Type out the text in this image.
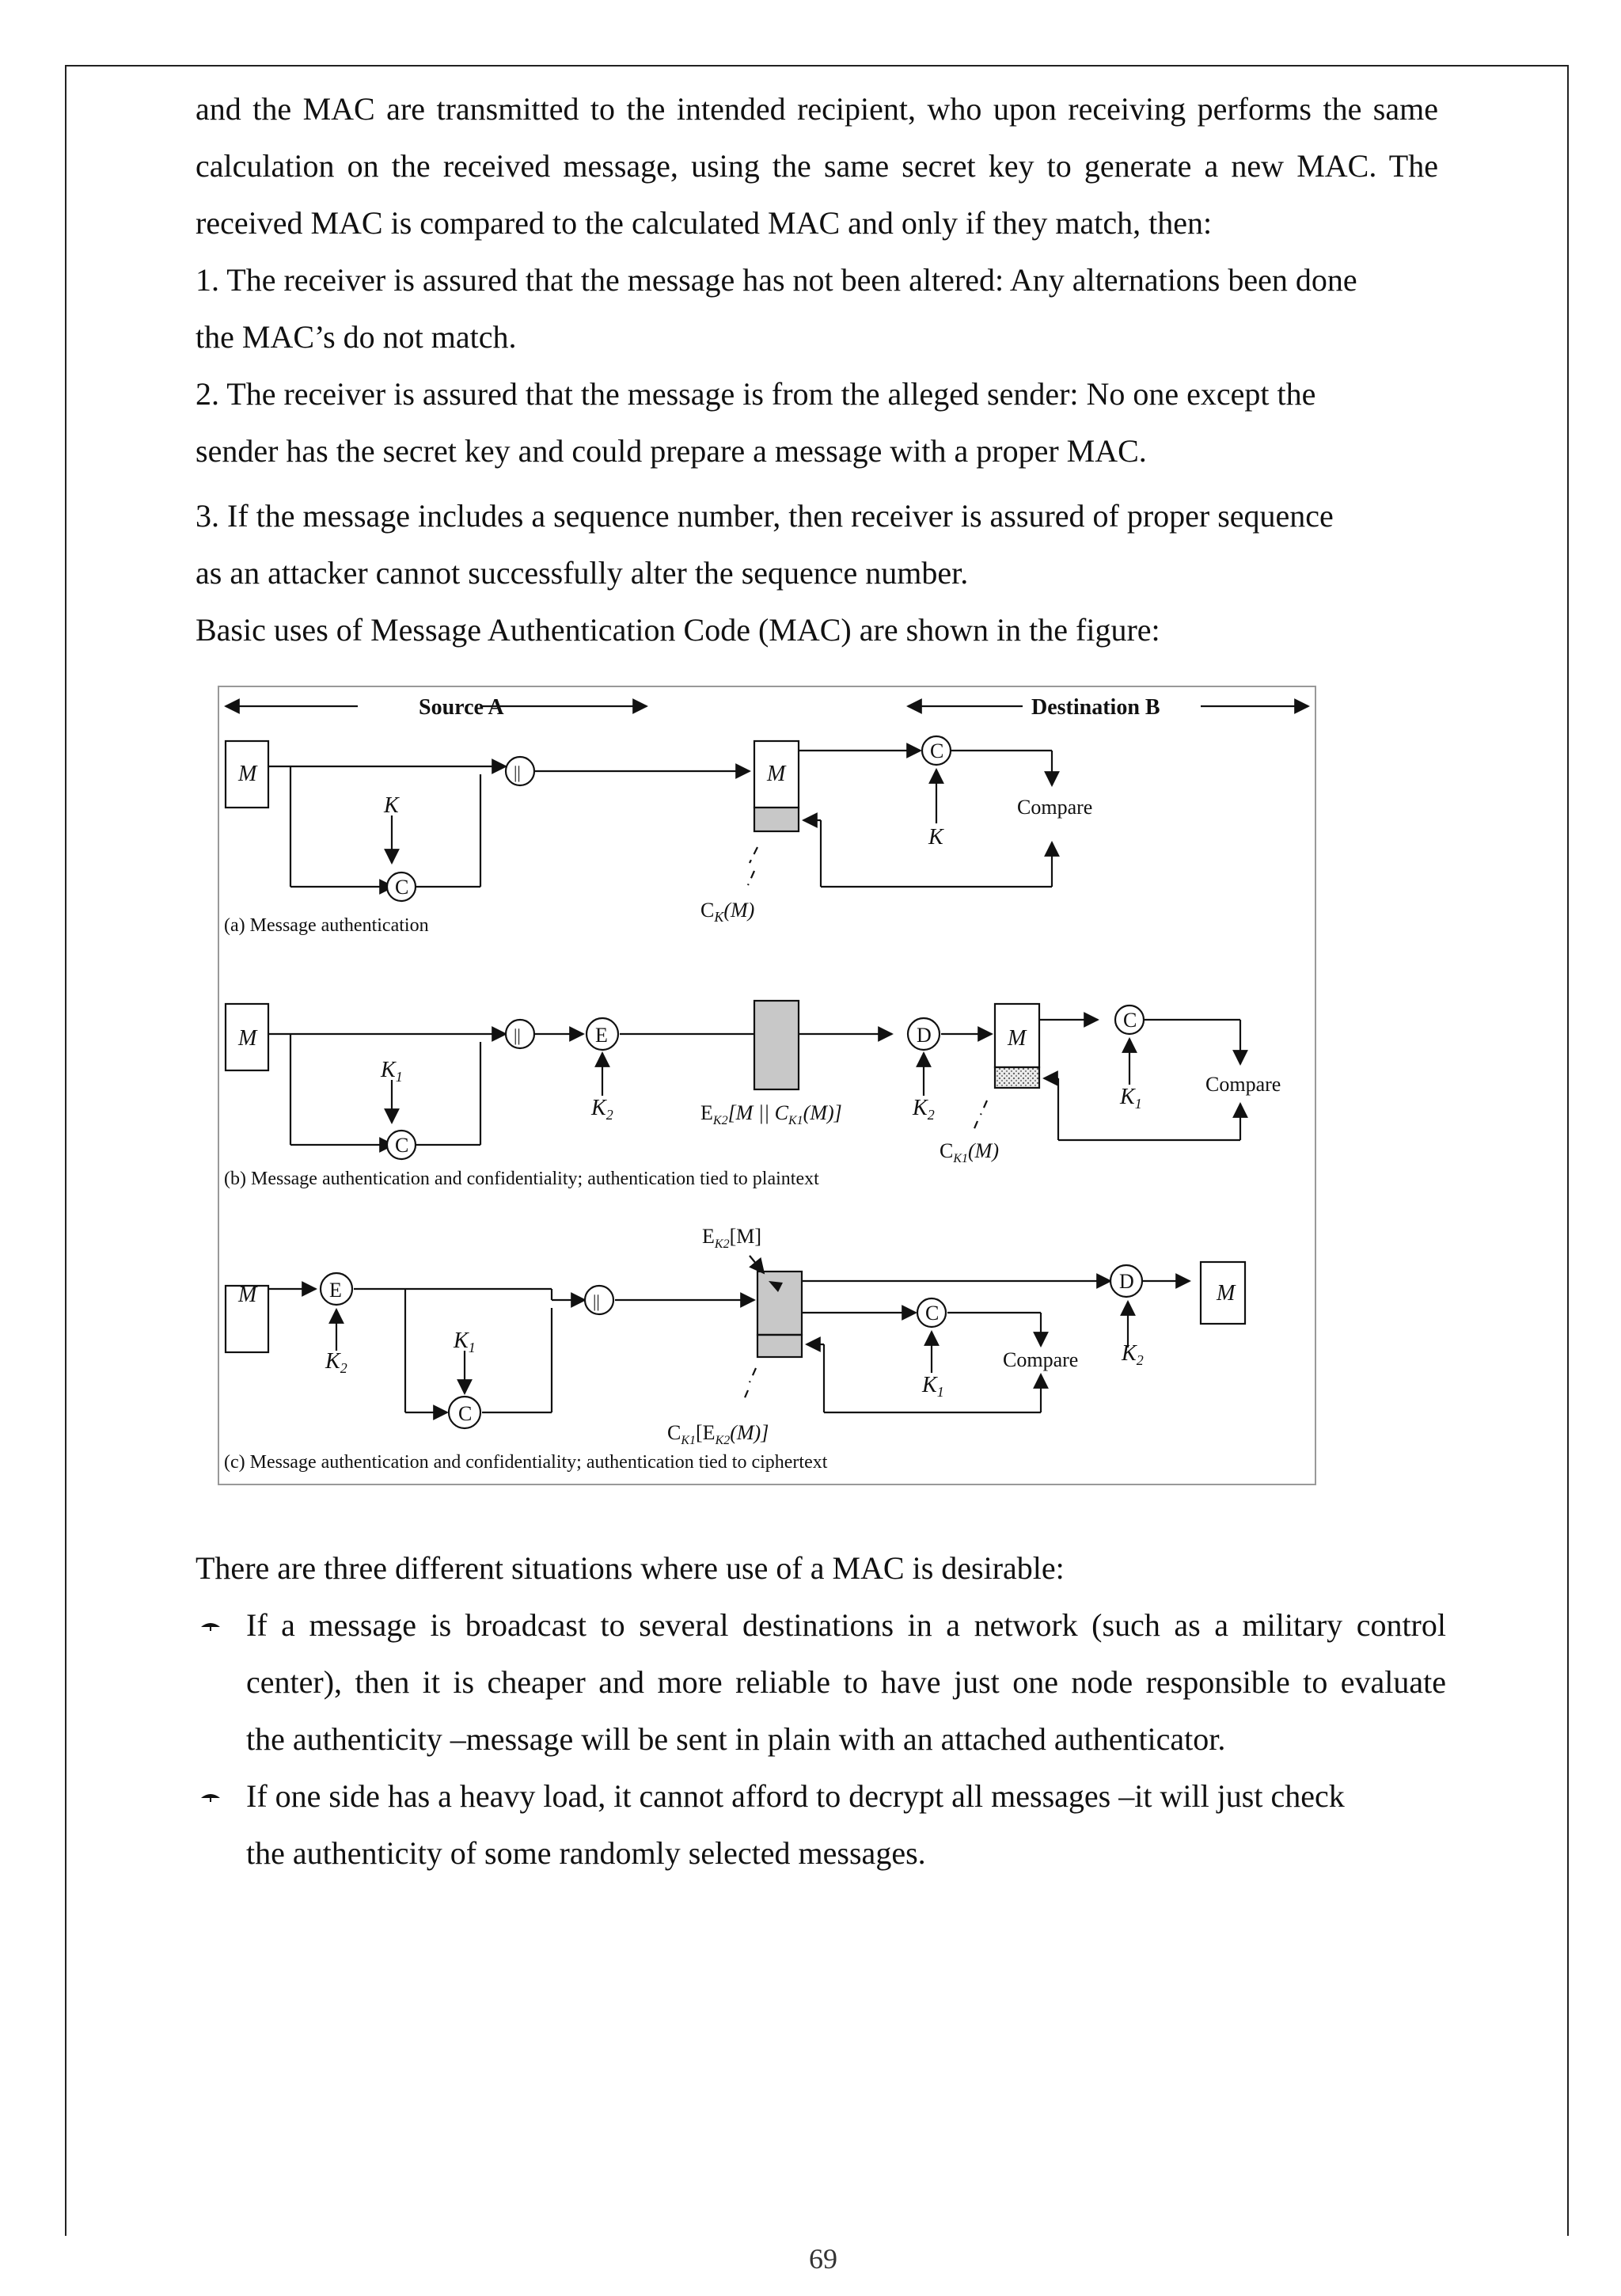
and the MAC are transmitted to the intended recipient, who upon receiving performs the same
calculation on the received message, using the same secret key to generate a new MAC. The
received MAC is compared to the calculated MAC and only if they match, then:
1. The receiver is assured that the message has not been altered: Any alternations been done
the MAC’s do not match.
2. The receiver is assured that the message is from the alleged sender: No one except the
sender has the secret key and could prepare a message with a proper MAC.
3. If the message includes a sequence number, then receiver is assured of proper sequence
as an attacker cannot successfully alter the sequence number.
Basic uses of Message Authentication Code (MAC) are shown in the figure:
Source A	Destination B
M	||
C
K
M
C
K
Compare
$C_K(M)$
(a) Message authentication
M	||	E
C
$K_1$
$K_2$	$E_{K2}[M$ || $C_{K1}(M)$]
D
$K_2$
M
C
$K_1$
Compare
$C_{K1}(M)$
(b) Message authentication and confidentiality; authentication tied to plaintext
M	E
$K_2$
$K_1$
C
||
$E_{K2}[M]$
C
$K_1$
Compare
D
$K_2$
M
$C_{K1}[E_{K2}(M)]$
(c) Message authentication and confidentiality; authentication tied to ciphertext
There are three different situations where use of a MAC is desirable:
If a message is broadcast to several destinations in a network (such as a military control
center), then it is cheaper and more reliable to have just one node responsible to evaluate
the authenticity –message will be sent in plain with an attached authenticator.
If one side has a heavy load, it cannot afford to decrypt all messages –it will just check
the authenticity of some randomly selected messages.
69
